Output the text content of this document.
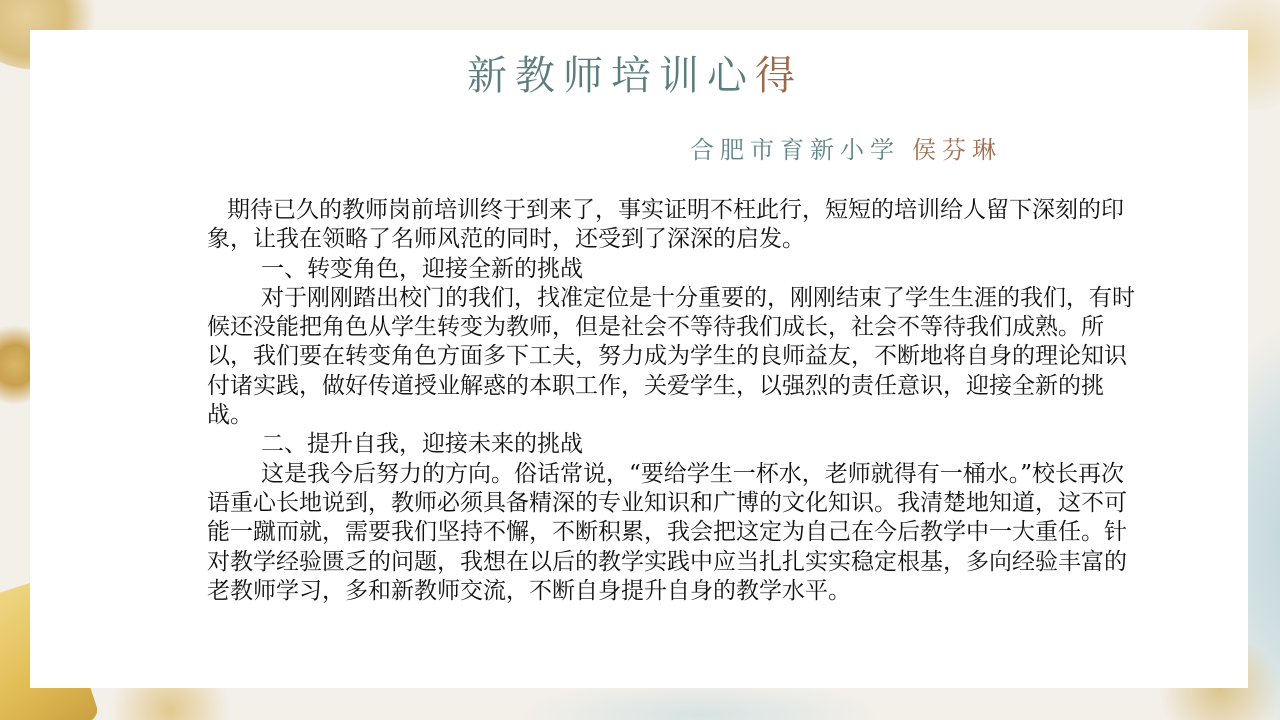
新教师培训心得
合肥市育新小学 侯芬琳

期待已久的教师岗前培训终于到来了，事实证明不枉此行，短短的培训给人留下深刻的印象，让我在领略了名师风范的同时，还受到了深深的启发。

一、转变角色，迎接全新的挑战

对于刚刚踏出校门的我们，找准定位是十分重要的，刚刚结束了学生生涯的我们，有时候还没能把角色从学生转变为教师，但是社会不等待我们成长，社会不等待我们成熟。所以，我们要在转变角色方面多下工夫，努力成为学生的良师益友，不断地将自身的理论知识付诸实践，做好传道授业解惑的本职工作，关爱学生，以强烈的责任意识，迎接全新的挑战。

二、提升自我，迎接未来的挑战

这是我今后努力的方向。俗话常说，“要给学生一杯水，老师就得有一桶水。”校长再次语重心长地说到，教师必须具备精深的专业知识和广博的文化知识。我清楚地知道，这不可能一蹴而就，需要我们坚持不懈，不断积累，我会把这定为自己在今后教学中一大重任。针对教学经验匮乏的问题，我想在以后的教学实践中应当扎扎实实稳定根基，多向经验丰富的老教师学习，多和新教师交流，不断自身提升自身的教学水平。
